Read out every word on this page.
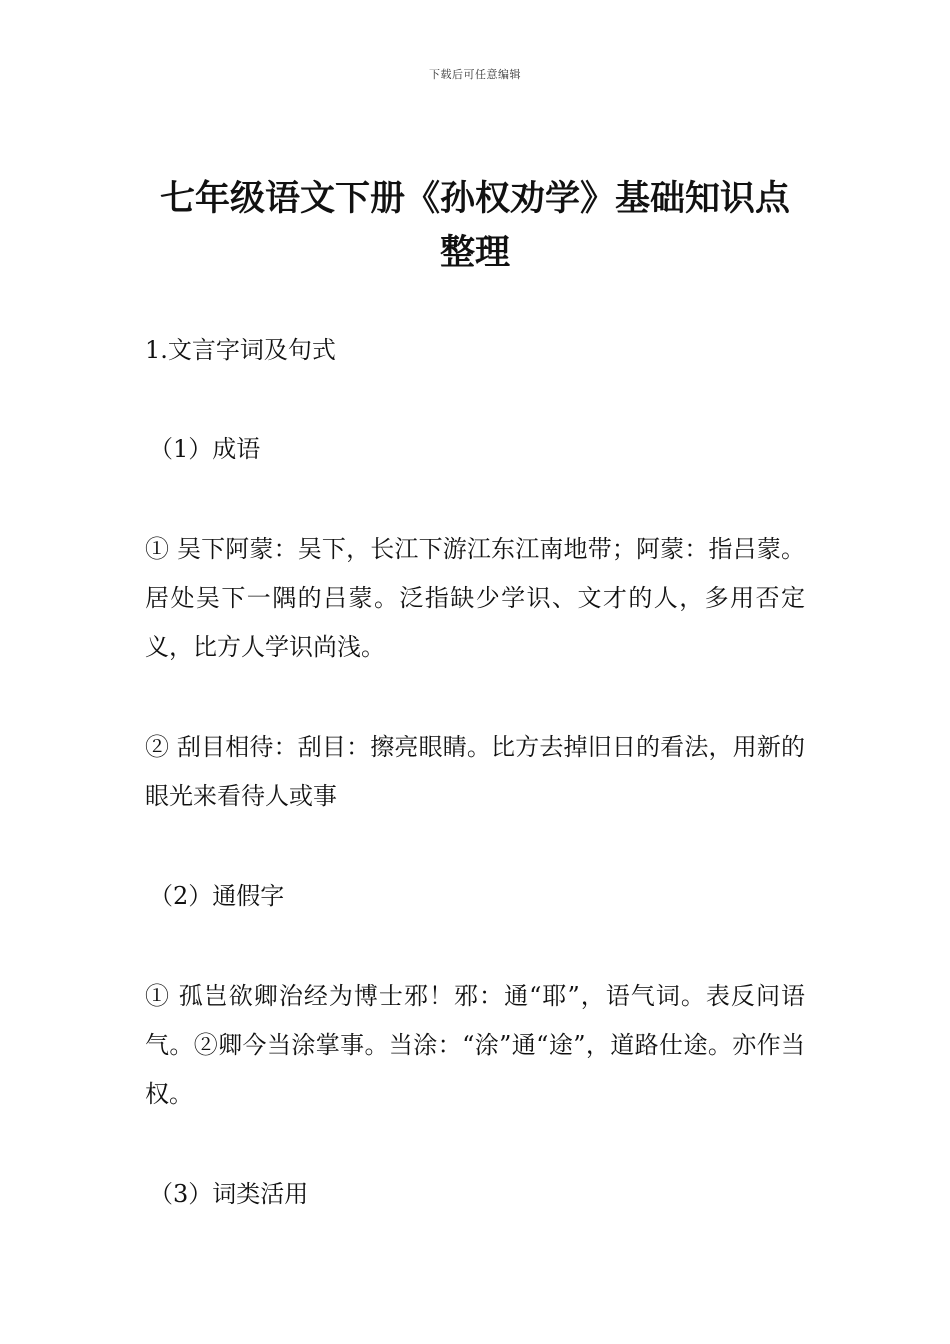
下载后可任意编辑
七年级语文下册《孙权劝学》基础知识点
整理

1.文言字词及句式

（1）成语

① 吴下阿蒙：吴下，长江下游江东江南地带；阿蒙：指吕蒙。居处吴下一隅的吕蒙。泛指缺少学识、文才的人，多用否定义，比方人学识尚浅。

② 刮目相待：刮目：擦亮眼睛。比方去掉旧日的看法，用新的眼光来看待人或事

（2）通假字

① 孤岂欲卿治经为博士邪！邪：通“耶”，语气词。表反问语气。②卿今当涂掌事。当涂：“涂”通“途”，道路仕途。亦作当权。

（3）词类活用
